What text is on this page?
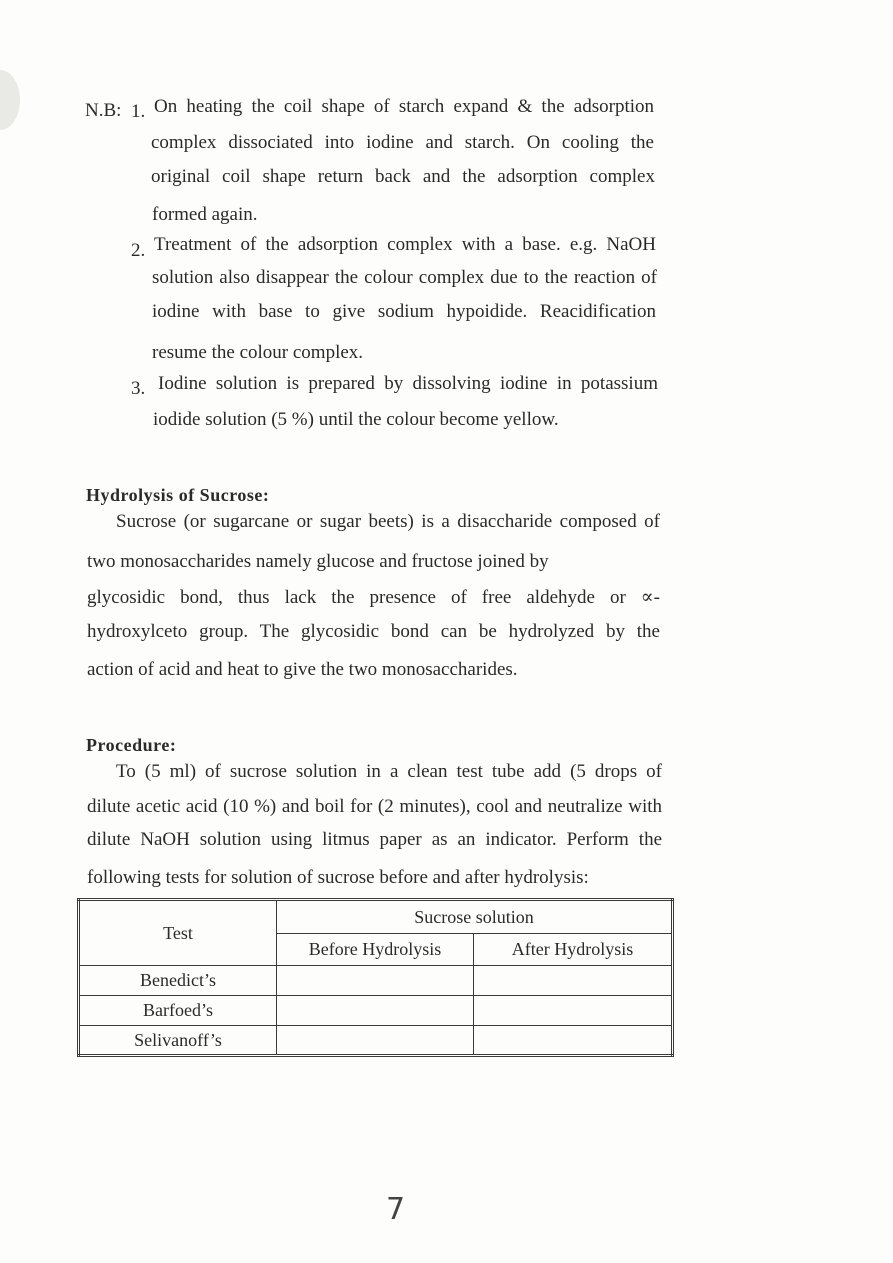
N.B: 1. On heating the coil shape of starch expand & the adsorption
complex dissociated into iodine and starch. On cooling the
original coil shape return back and the adsorption complex
formed again.
2. Treatment of the adsorption complex with a base. e.g. NaOH
solution also disappear the colour complex due to the reaction of
iodine with base to give sodium hypoidide. Reacidification
resume the colour complex.
3. Iodine solution is prepared by dissolving iodine in potassium
iodide solution (5 %) until the colour become yellow.
Hydrolysis of Sucrose:
Sucrose (or sugarcane or sugar beets) is a disaccharide composed of
two monosaccharides namely glucose and fructose joined by
glycosidic bond, thus lack the presence of free aldehyde or ∝-
hydroxylceto group. The glycosidic bond can be hydrolyzed by the
action of acid and heat to give the two monosaccharides.
Procedure:
To (5 ml) of sucrose solution in a clean test tube add (5 drops of
dilute acetic acid (10 %) and boil for (2 minutes), cool and neutralize with
dilute NaOH solution using litmus paper as an indicator. Perform the
following tests for solution of sucrose before and after hydrolysis:
Test	Sucrose solution	
	Before Hydrolysis	After Hydrolysis
Benedict’s		
Barfoed’s		
Selivanoff’s		
7
